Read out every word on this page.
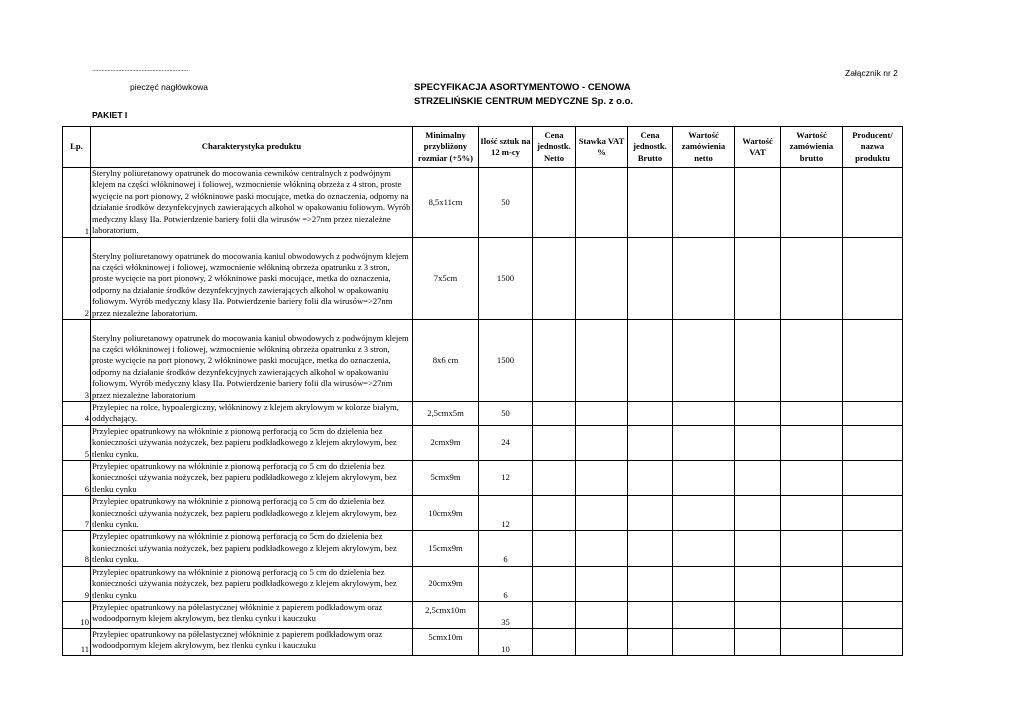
..............................................................
pieczęć nagłówkowa
Załącznik nr 2
SPECYFIKACJA ASORTYMENTOWO - CENOWA
STRZELIŃSKIE CENTRUM MEDYCZNE Sp. z o.o.
PAKIET I
Lp.	Charakterystyka produktu	Minimalny przybliżony rozmiar (+5%)	Ilość sztuk na 12 m-cy	Cena jednostk. Netto	Stawka VAT %	Cena jednostk. Brutto	Wartość zamówienia netto	Wartość VAT	Wartość zamówienia brutto	Producent/ nazwa produktu
1	Sterylny poliuretanowy opatrunek do mocowania cewników centralnych z podwójnym klejem na części włókninowej i foliowej, wzmocnienie włókniną obrzeża z 4 stron, proste wycięcie na port pionowy, 2 włókninowe paski mocujące, metka do oznaczenia, odporny na działanie środków dezynfekcyjnych zawierających alkohol w opakowaniu foliowym. Wyrób medyczny klasy IIa. Potwierdzenie bariery folii dla wirusów =>27nm przez niezależne laboratorium.	8,5x11cm	50							
2	Sterylny poliuretanowy opatrunek do mocowania kaniul obwodowych z podwójnym klejem na części włókninowej i foliowej, wzmocnienie włókniną obrzeża opatrunku z 3 stron, proste wycięcie na port pionowy, 2 włókninowe paski mocujące, metka do oznaczenia, odporny na działanie środków dezynfekcyjnych zawierających alkohol w opakowaniu foliowym. Wyrób medyczny klasy IIa. Potwierdzenie bariery folii dla wirusów=>27nm przez niezależne laboratorium.	7x5cm	1500							
3	Sterylny poliuretanowy opatrunek do mocowania kaniul obwodowych z podwójnym klejem na części włókninowej i foliowej, wzmocnienie włókniną obrzeża opatrunku z 3 stron, proste wycięcie na port pionowy, 2 włókninowe paski mocujące, metka do oznaczenia, odporny na działanie środków dezynfekcyjnych zawierających alkohol w opakowaniu foliowym. Wyrób medyczny klasy IIa. Potwierdzenie bariery folii dla wirusów=>27nm przez niezależne laboratorium	8x6 cm	1500							
4	Przylepiec na rolce, hypoalergiczny, włókninowy z klejem akrylowym w kolorze białym, oddychający.	2,5cmx5m	50							
5	Przylepiec opatrunkowy na włókninie z pionową perforacją co 5cm do dzielenia bez konieczności używania nożyczek, bez papieru podkładkowego z klejem akrylowym, bez tlenku cynku.	2cmx9m	24							
6	Przylepiec opatrunkowy na włókninie z pionową perforacją co 5 cm do dzielenia bez konieczności używania nożyczek, bez papieru podkładkowego z klejem akrylowym, bez tlenku cynku	5cmx9m	12							
7	Przylepiec opatrunkowy na włókninie z pionową perforacją co 5 cm do dzielenia bez konieczności używania nożyczek, bez papieru podkładkowego z klejem akrylowym, bez tlenku cynku.	10cmx9m	12							
8	Przylepiec opatrunkowy na włókninie z pionową perforacją co 5cm do dzielenia bez konieczności używania nożyczek, bez papieru podkładkowego z klejem akrylowym, bez tlenku cynku.	15cmx9m	6							
9	Przylepiec opatrunkowy na włókninie z pionową perforacją co 5 cm do dzielenia bez konieczności używania nożyczek, bez papieru podkładkowego z klejem akrylowym, bez tlenku cynku	20cmx9m	6							
10	Przylepiec opatrunkowy na półelastycznej włókninie z papierem podkładowym oraz wodoodpornym klejem akrylowym, bez tlenku cynku i kauczuku	2,5cmx10m	35							
11	Przylepiec opatrunkowy na półelastycznej włókninie z papierem podkładowym oraz wodoodpornym klejem akrylowym, bez tlenku cynku i kauczuku	5cmx10m	10							
